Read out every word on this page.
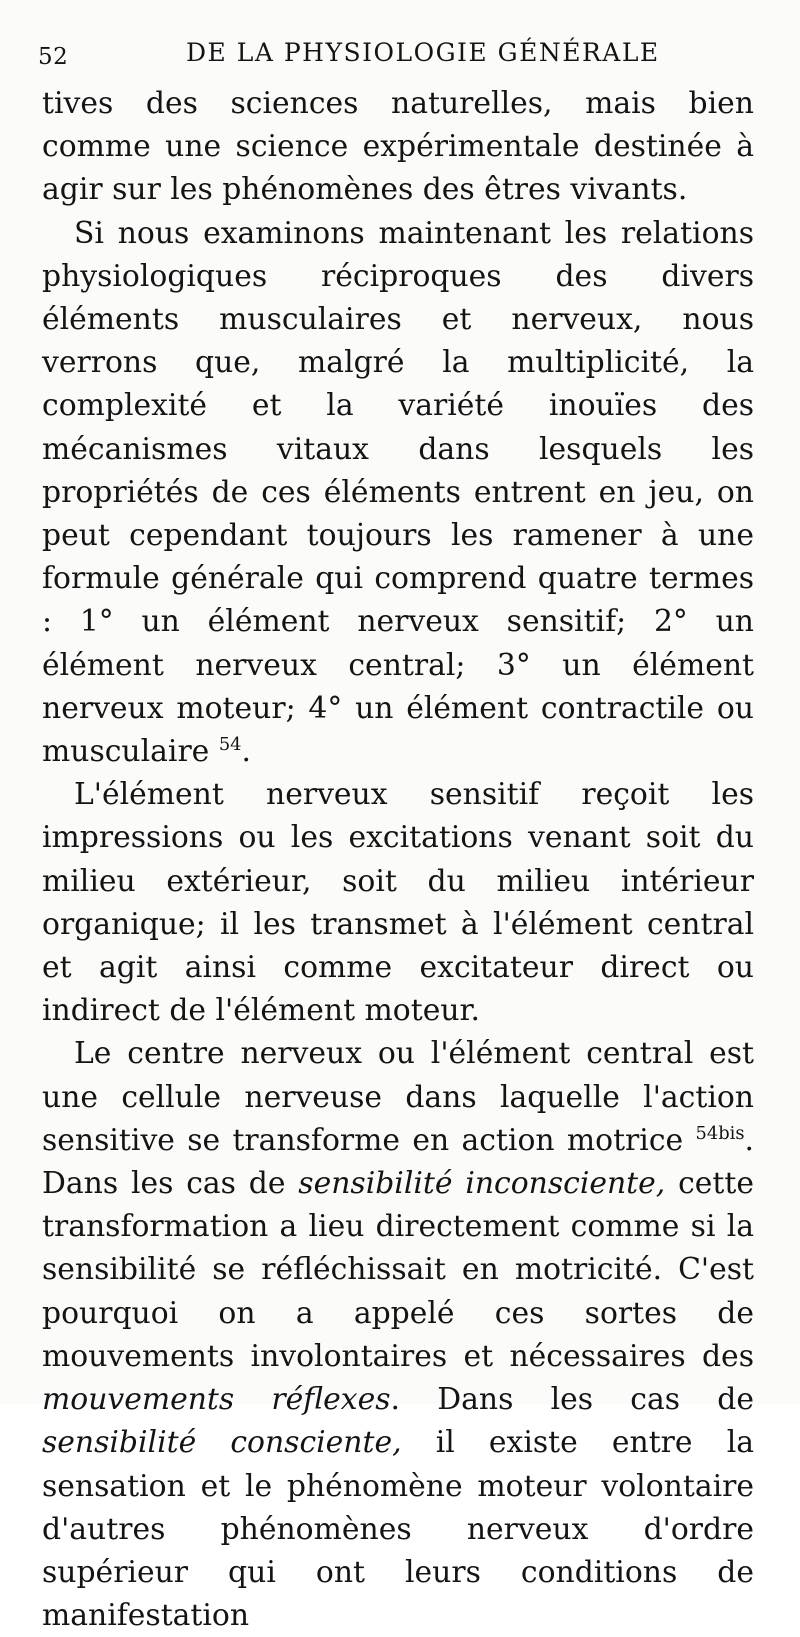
52	DE LA PHYSIOLOGIE GÉNÉRALE

tives des sciences naturelles, mais bien comme une science expérimentale destinée à agir sur les phénomènes des êtres vivants.

Si nous examinons maintenant les relations physiologiques réciproques des divers éléments musculaires et nerveux, nous verrons que, malgré la multiplicité, la complexité et la variété inouïes des mécanismes vitaux dans lesquels les propriétés de ces éléments entrent en jeu, on peut cependant toujours les ramener à une formule générale qui comprend quatre termes : 1° un élément nerveux sensitif; 2° un élément nerveux central; 3° un élément nerveux moteur; 4° un élément contractile ou musculaire $^{54}$.

L'élément nerveux sensitif reçoit les impressions ou les excitations venant soit du milieu extérieur, soit du milieu intérieur organique; il les transmet à l'élément central et agit ainsi comme excitateur direct ou indirect de l'élément moteur.

Le centre nerveux ou l'élément central est une cellule nerveuse dans laquelle l'action sensitive se transforme en action motrice $^{54bis}$. Dans les cas de sensibilité inconsciente, cette transformation a lieu directement comme si la sensibilité se réfléchissait en motricité. C'est pourquoi on a appelé ces sortes de mouvements involontaires et nécessaires des mouvements réflexes. Dans les cas de sensibilité consciente, il existe entre la sensation et le phénomène moteur volontaire d'autres phénomènes nerveux d'ordre supérieur qui ont leurs conditions de manifestation
